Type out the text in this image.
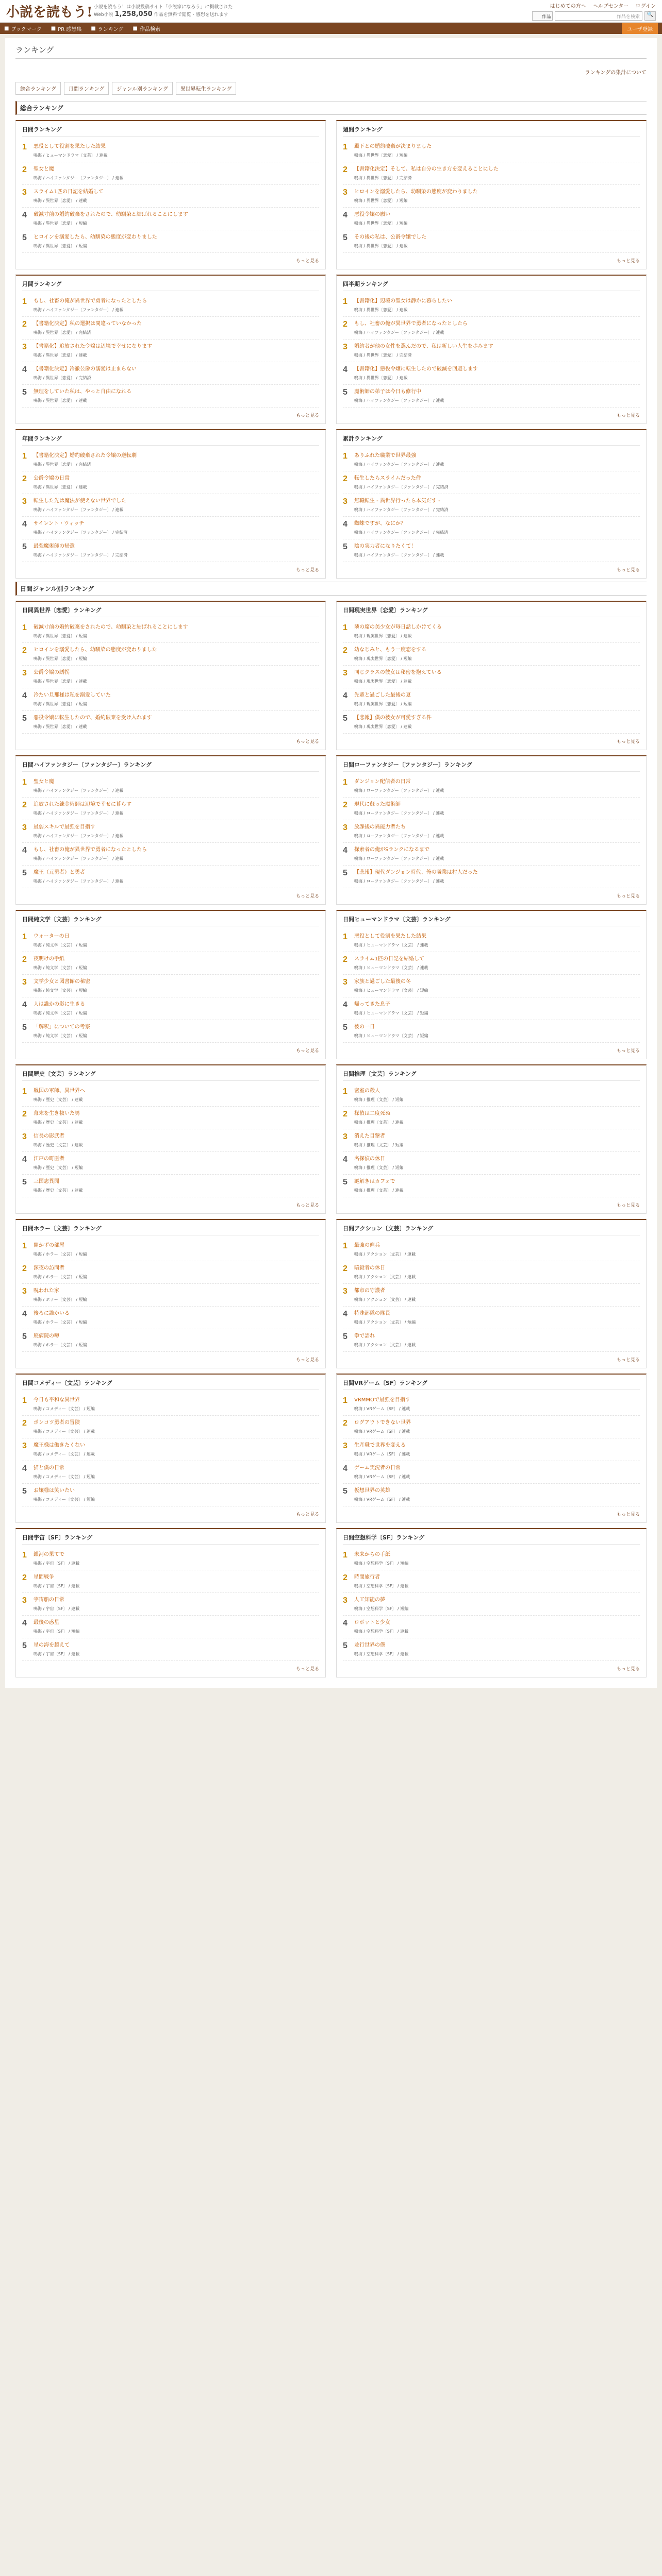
小説を読もう! 小説を読もう！は小説投稿サイト「小説家になろう」に掲載された
Web小説 1,258,050 作品を無料で閲覧・感想を送れます
はじめての方へ ヘルプセンター ログイン
作品	作品を検索	🔍
■ ブックマーク ■ PR 感想集 ■ ランキング ■ 作品検索	ユーザ登録
ランキング
ランキングの集計について
総合ランキング	月間ランキング	ジャンル別ランキング	異世界転生ランキング
総合ランキング
日間ランキング
1	悪役として役割を果たした結果
鳴海 / ヒューマンドラマ〔文芸〕 / 連載
2	聖女と魔
鳴海 / ハイファンタジー〔ファンタジー〕 / 連載
3	スライム1匹の日記を結婚して
鳴海 / 異世界〔恋愛〕 / 連載
4	破滅寸前の婚約破棄をされたので、幼馴染と結ばれることにします
鳴海 / 異世界〔恋愛〕 / 短編
5	ヒロインを溺愛したら、幼馴染の態度が変わりました
鳴海 / 異世界〔恋愛〕 / 短編
もっと見る
週間ランキング
1	殿下との婚約破棄が決まりました
鳴海 / 異世界〔恋愛〕 / 短編
2	【書籍化決定】そして、私は自分の生き方を変えることにした
鳴海 / 異世界〔恋愛〕 / 完結済
3	ヒロインを溺愛したら、幼馴染の態度が変わりました
鳴海 / 異世界〔恋愛〕 / 短編
4	悪役令嬢の願い
鳴海 / 異世界〔恋愛〕 / 短編
5	その後の私は、公爵令嬢でした
鳴海 / 異世界〔恋愛〕 / 連載
もっと見る
月間ランキング
1	もし、社畜の俺が異世界で勇者になったとしたら
鳴海 / ハイファンタジー〔ファンタジー〕 / 連載
2	【書籍化決定】私の選択は間違っていなかった
鳴海 / 異世界〔恋愛〕 / 完結済
3	【書籍化】追放された令嬢は辺境で幸せになります
鳴海 / 異世界〔恋愛〕 / 連載
4	【書籍化決定】冷徹公爵の溺愛は止まらない
鳴海 / 異世界〔恋愛〕 / 完結済
5	無理をしていた私は、やっと自由になれる
鳴海 / 異世界〔恋愛〕 / 連載
もっと見る
四半期ランキング
1	【書籍化】辺境の聖女は静かに暮らしたい
鳴海 / 異世界〔恋愛〕 / 連載
2	もし、社畜の俺が異世界で勇者になったとしたら
鳴海 / ハイファンタジー〔ファンタジー〕 / 連載
3	婚約者が他の女性を選んだので、私は新しい人生を歩みます
鳴海 / 異世界〔恋愛〕 / 完結済
4	【書籍化】悪役令嬢に転生したので破滅を回避します
鳴海 / 異世界〔恋愛〕 / 連載
5	魔術師の弟子は今日も修行中
鳴海 / ハイファンタジー〔ファンタジー〕 / 連載
もっと見る
年間ランキング
1	【書籍化決定】婚約破棄された令嬢の逆転劇
鳴海 / 異世界〔恋愛〕 / 完結済
2	公爵令嬢の日常
鳴海 / 異世界〔恋愛〕 / 連載
3	転生した先は魔法が使えない世界でした
鳴海 / ハイファンタジー〔ファンタジー〕 / 連載
4	サイレント・ウィッチ
鳴海 / ハイファンタジー〔ファンタジー〕 / 完結済
5	最強魔術師の帰還
鳴海 / ハイファンタジー〔ファンタジー〕 / 完結済
もっと見る
累計ランキング
1	ありふれた職業で世界最強
鳴海 / ハイファンタジー〔ファンタジー〕 / 連載
2	転生したらスライムだった件
鳴海 / ハイファンタジー〔ファンタジー〕 / 完結済
3	無職転生 - 異世界行ったら本気だす -
鳴海 / ハイファンタジー〔ファンタジー〕 / 完結済
4	蜘蛛ですが、なにか？
鳴海 / ハイファンタジー〔ファンタジー〕 / 完結済
5	陰の実力者になりたくて！
鳴海 / ハイファンタジー〔ファンタジー〕 / 連載
もっと見る
日間ジャンル別ランキング
日間異世界〔恋愛〕ランキング
1	破滅寸前の婚約破棄をされたので、幼馴染と結ばれることにします
鳴海 / 異世界〔恋愛〕 / 短編
2	ヒロインを溺愛したら、幼馴染の態度が変わりました
鳴海 / 異世界〔恋愛〕 / 短編
3	公爵令嬢の誘拐
鳴海 / 異世界〔恋愛〕 / 連載
4	冷たい旦那様は私を溺愛していた
鳴海 / 異世界〔恋愛〕 / 短編
5	悪役令嬢に転生したので、婚約破棄を受け入れます
鳴海 / 異世界〔恋愛〕 / 連載
もっと見る
日間現実世界〔恋愛〕ランキング
1	隣の席の美少女が毎日話しかけてくる
鳴海 / 現実世界〔恋愛〕 / 連載
2	幼なじみと、もう一度恋をする
鳴海 / 現実世界〔恋愛〕 / 短編
3	同じクラスの彼女は秘密を抱えている
鳴海 / 現実世界〔恋愛〕 / 連載
4	先輩と過ごした最後の夏
鳴海 / 現実世界〔恋愛〕 / 短編
5	【悲報】僕の彼女が可愛すぎる件
鳴海 / 現実世界〔恋愛〕 / 連載
もっと見る
日間ハイファンタジー〔ファンタジー〕ランキング
1	聖女と魔
鳴海 / ハイファンタジー〔ファンタジー〕 / 連載
2	追放された錬金術師は辺境で幸せに暮らす
鳴海 / ハイファンタジー〔ファンタジー〕 / 連載
3	最弱スキルで最強を目指す
鳴海 / ハイファンタジー〔ファンタジー〕 / 連載
4	もし、社畜の俺が異世界で勇者になったとしたら
鳴海 / ハイファンタジー〔ファンタジー〕 / 連載
5	魔王（元勇者）と勇者
鳴海 / ハイファンタジー〔ファンタジー〕 / 連載
もっと見る
日間ローファンタジー〔ファンタジー〕ランキング
1	ダンジョン配信者の日常
鳴海 / ローファンタジー〔ファンタジー〕 / 連載
2	現代に蘇った魔術師
鳴海 / ローファンタジー〔ファンタジー〕 / 連載
3	放課後の異能力者たち
鳴海 / ローファンタジー〔ファンタジー〕 / 連載
4	探索者の俺がSランクになるまで
鳴海 / ローファンタジー〔ファンタジー〕 / 連載
5	【悲報】現代ダンジョン時代、俺の職業は村人だった
鳴海 / ローファンタジー〔ファンタジー〕 / 連載
もっと見る
日間純文学〔文芸〕ランキング
1	ウォーターの日
鳴海 / 純文学〔文芸〕 / 短編
2	夜明けの手紙
鳴海 / 純文学〔文芸〕 / 短編
3	文学少女と図書館の秘密
鳴海 / 純文学〔文芸〕 / 短編
4	人は誰かの影に生きる
鳴海 / 純文学〔文芸〕 / 短編
5	「解釈」についての考察
鳴海 / 純文学〔文芸〕 / 短編
もっと見る
日間ヒューマンドラマ〔文芸〕ランキング
1	悪役として役割を果たした結果
鳴海 / ヒューマンドラマ〔文芸〕 / 連載
2	スライム1匹の日記を結婚して
鳴海 / ヒューマンドラマ〔文芸〕 / 連載
3	家族と過ごした最後の冬
鳴海 / ヒューマンドラマ〔文芸〕 / 短編
4	帰ってきた息子
鳴海 / ヒューマンドラマ〔文芸〕 / 短編
5	彼の一日
鳴海 / ヒューマンドラマ〔文芸〕 / 短編
もっと見る
日間歴史〔文芸〕ランキング
1	戦国の軍師、異世界へ
鳴海 / 歴史〔文芸〕 / 連載
2	幕末を生き抜いた男
鳴海 / 歴史〔文芸〕 / 連載
3	信長の影武者
鳴海 / 歴史〔文芸〕 / 連載
4	江戸の町医者
鳴海 / 歴史〔文芸〕 / 短編
5	三国志異聞
鳴海 / 歴史〔文芸〕 / 連載
もっと見る
日間推理〔文芸〕ランキング
1	密室の殺人
鳴海 / 推理〔文芸〕 / 短編
2	探偵は二度死ぬ
鳴海 / 推理〔文芸〕 / 連載
3	消えた目撃者
鳴海 / 推理〔文芸〕 / 短編
4	名探偵の休日
鳴海 / 推理〔文芸〕 / 短編
5	謎解きはカフェで
鳴海 / 推理〔文芸〕 / 連載
もっと見る
日間ホラー〔文芸〕ランキング
1	開かずの部屋
鳴海 / ホラー〔文芸〕 / 短編
2	深夜の訪問者
鳴海 / ホラー〔文芸〕 / 短編
3	呪われた家
鳴海 / ホラー〔文芸〕 / 短編
4	後ろに誰かいる
鳴海 / ホラー〔文芸〕 / 短編
5	廃病院の噂
鳴海 / ホラー〔文芸〕 / 短編
もっと見る
日間アクション〔文芸〕ランキング
1	最強の傭兵
鳴海 / アクション〔文芸〕 / 連載
2	暗殺者の休日
鳴海 / アクション〔文芸〕 / 連載
3	都市の守護者
鳴海 / アクション〔文芸〕 / 連載
4	特殊部隊の隊長
鳴海 / アクション〔文芸〕 / 短編
5	拳で語れ
鳴海 / アクション〔文芸〕 / 連載
もっと見る
日間コメディー〔文芸〕ランキング
1	今日も平和な異世界
鳴海 / コメディー〔文芸〕 / 短編
2	ポンコツ勇者の冒険
鳴海 / コメディー〔文芸〕 / 連載
3	魔王様は働きたくない
鳴海 / コメディー〔文芸〕 / 連載
4	猫と僕の日常
鳴海 / コメディー〔文芸〕 / 短編
5	お嬢様は笑いたい
鳴海 / コメディー〔文芸〕 / 短編
もっと見る
日間VRゲーム〔SF〕ランキング
1	VRMMOで最強を目指す
鳴海 / VRゲーム〔SF〕 / 連載
2	ログアウトできない世界
鳴海 / VRゲーム〔SF〕 / 連載
3	生産職で世界を変える
鳴海 / VRゲーム〔SF〕 / 連載
4	ゲーム実況者の日常
鳴海 / VRゲーム〔SF〕 / 連載
5	仮想世界の英雄
鳴海 / VRゲーム〔SF〕 / 連載
もっと見る
日間宇宙〔SF〕ランキング
1	銀河の果てで
鳴海 / 宇宙〔SF〕 / 連載
2	星間戦争
鳴海 / 宇宙〔SF〕 / 連載
3	宇宙船の日常
鳴海 / 宇宙〔SF〕 / 連載
4	最後の惑星
鳴海 / 宇宙〔SF〕 / 短編
5	星の海を越えて
鳴海 / 宇宙〔SF〕 / 連載
もっと見る
日間空想科学〔SF〕ランキング
1	未来からの手紙
鳴海 / 空想科学〔SF〕 / 短編
2	時間旅行者
鳴海 / 空想科学〔SF〕 / 連載
3	人工知能の夢
鳴海 / 空想科学〔SF〕 / 短編
4	ロボットと少女
鳴海 / 空想科学〔SF〕 / 連載
5	並行世界の僕
鳴海 / 空想科学〔SF〕 / 連載
もっと見る
